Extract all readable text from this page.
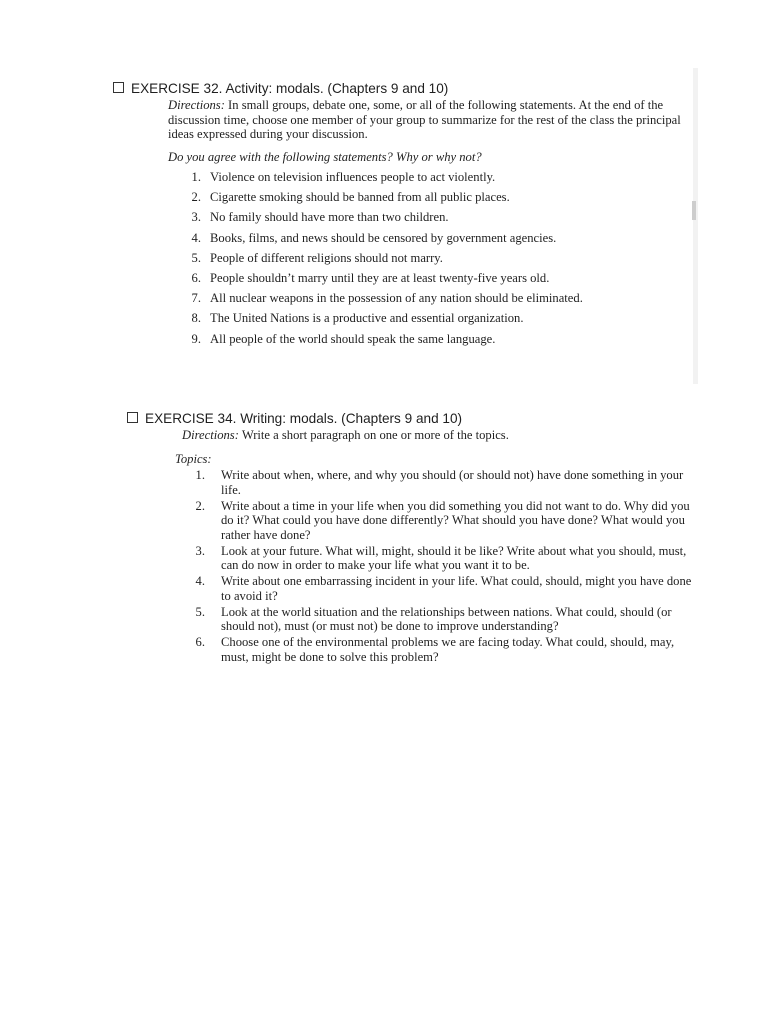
EXERCISE 32. Activity: modals. (Chapters 9 and 10)
Directions: In small groups, debate one, some, or all of the following statements. At the end of the discussion time, choose one member of your group to summarize for the rest of the class the principal ideas expressed during your discussion.
Do you agree with the following statements? Why or why not?
1. Violence on television influences people to act violently.
2. Cigarette smoking should be banned from all public places.
3. No family should have more than two children.
4. Books, films, and news should be censored by government agencies.
5. People of different religions should not marry.
6. People shouldn’t marry until they are at least twenty-five years old.
7. All nuclear weapons in the possession of any nation should be eliminated.
8. The United Nations is a productive and essential organization.
9. All people of the world should speak the same language.
EXERCISE 34. Writing: modals. (Chapters 9 and 10)
Directions: Write a short paragraph on one or more of the topics.
Topics:
1.	Write about when, where, and why you should (or should not) have done something in your life.
2.	Write about a time in your life when you did something you did not want to do. Why did you do it? What could you have done differently? What should you have done? What would you rather have done?
3.	Look at your future. What will, might, should it be like? Write about what you should, must, can do now in order to make your life what you want it to be.
4.	Write about one embarrassing incident in your life. What could, should, might you have done to avoid it?
5.	Look at the world situation and the relationships between nations. What could, should (or should not), must (or must not) be done to improve understanding?
6.	Choose one of the environmental problems we are facing today. What could, should, may, must, might be done to solve this problem?
